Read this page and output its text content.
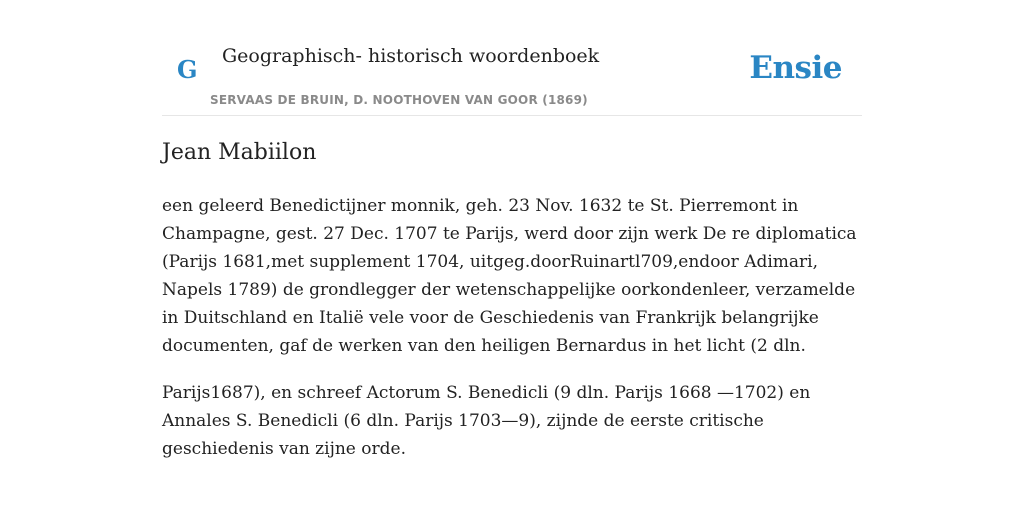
G Geographisch- historisch woordenboek
SERVAAS DE BRUIN, D. NOOTHOVEN VAN GOOR (1869)
Ensie
Jean Mabiilon

een geleerd Benedictijner monnik, geh. 23 Nov. 1632 te St. Pierremont in Champagne, gest. 27 Dec. 1707 te Parijs, werd door zijn werk De re diplomatica (Parijs 1681,met supplement 1704, uitgeg.doorRuinartl709,endoor Adimari, Napels 1789) de grondlegger der wetenschappelijke oorkondenleer, verzamelde in Duitschland en Italië vele voor de Geschiedenis van Frankrijk belangrijke documenten, gaf de werken van den heiligen Bernardus in het licht (2 dln.

Parijs1687), en schreef Actorum S. Benedicli (9 dln. Parijs 1668 —1702) en Annales S. Benedicli (6 dln. Parijs 1703—9), zijnde de eerste critische geschiedenis van zijne orde.
